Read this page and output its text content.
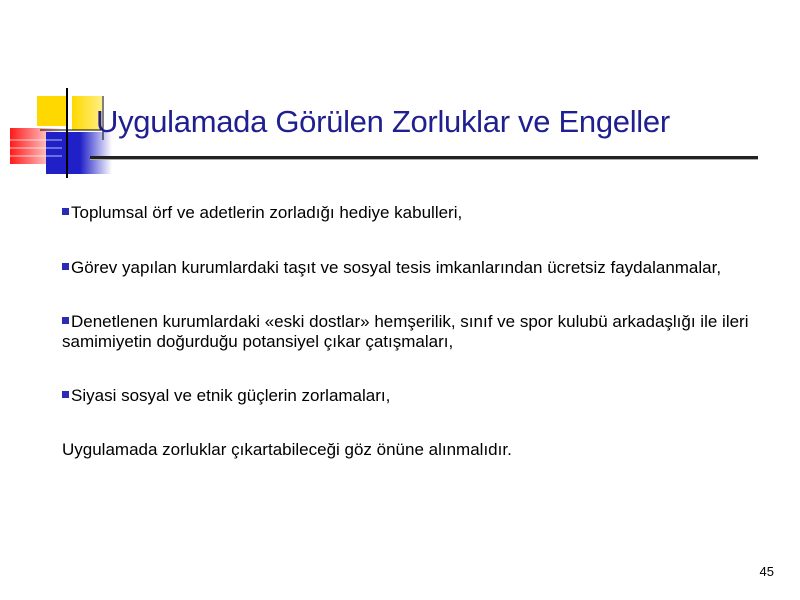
Uygulamada Görülen Zorluklar ve Engeller

Toplumsal örf ve adetlerin zorladığı hediye kabulleri,

Görev yapılan kurumlardaki taşıt ve sosyal tesis imkanlarından ücretsiz faydalanmalar,

Denetlenen kurumlardaki «eski dostlar» hemşerilik, sınıf ve spor kulubü arkadaşlığı ile ileri samimiyetin doğurduğu potansiyel çıkar çatışmaları,

Siyasi sosyal ve etnik güçlerin zorlamaları,

Uygulamada zorluklar çıkartabileceği göz önüne alınmalıdır.

45
